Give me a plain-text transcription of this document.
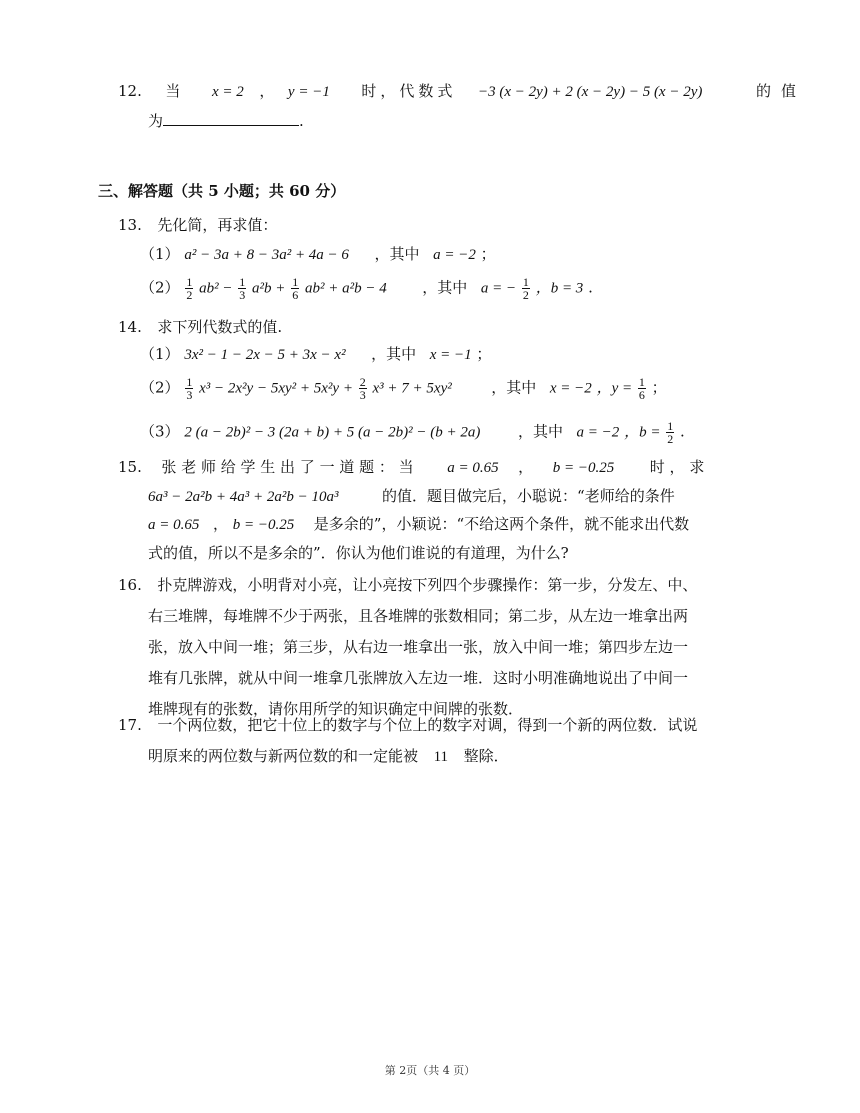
12. 当 x = 2 ， y = −1 时，代数式 −3 (x − 2y) + 2 (x − 2y) − 5 (x − 2y)	的值
为	.
三、解答题（共 5 小题；共 60 分）
13. 先化简，再求值：
（1） a² − 3a + 8 − 3a² + 4a − 6 ，其中 a = −2 ；
$(2) \frac{1}{2} ab^2 - \frac{1}{3} a^2b + \frac{1}{6} ab^2 + a^2b - 4$ ，其中 a = − $\frac{1}{2}$ ，b = 3 .
14. 求下列代数式的值.
（1） 3x² − 1 − 2x − 5 + 3x − x² ，其中 x = −1 ；
$(2) \frac{1}{3} x^3 - 2x^2y - 5xy^2 + 5x^2y + \frac{2}{3} x^3 + 7 + 5xy^2$	，其中 x = −2 ，$y = \frac{1}{6}$ ；
（3） 2 (a − 2b)² − 3 (2a + b) + 5 (a − 2b)² − (b + 2a)	，其中 a = −2 ，$b = \frac{1}{2}$ .
15. 张 老 师 给 学 生 出 了 一 道 题 ： 当 a = 0.65 ， b = −0.25 时 ， 求
6a³ − 2a²b + 4a³ + 2a²b − 10a³	的值．题目做完后，小聪说：“老师给的条件
a = 0.65 ， b = −0.25 是多余的”，小颖说：“不给这两个条件，就不能求出代数
式的值，所以不是多余的”．你认为他们谁说的有道理，为什么?
16. 扑克牌游戏，小明背对小亮，让小亮按下列四个步骤操作：第一步，分发左、中、
右三堆牌，每堆牌不少于两张，且各堆牌的张数相同；第二步，从左边一堆拿出两
张，放入中间一堆；第三步，从右边一堆拿出一张，放入中间一堆；第四步左边一
堆有几张牌，就从中间一堆拿几张牌放入左边一堆．这时小明准确地说出了中间一
堆牌现有的张数，请你用所学的知识确定中间牌的张数．
17. 一个两位数，把它十位上的数字与个位上的数字对调，得到一个新的两位数．试说
明原来的两位数与新两位数的和一定能被 11 整除．
第 2页（共 4 页）
